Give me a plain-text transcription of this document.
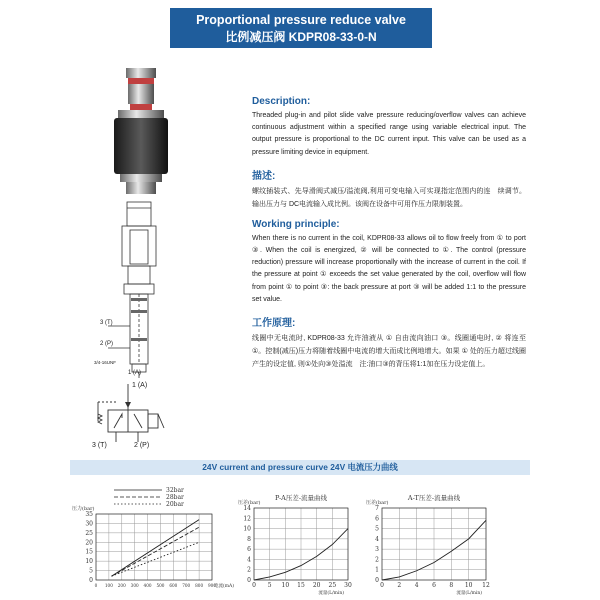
Proportional pressure reduce valve
比例减压阀 KDPR08-33-0-N
3 (T)
2 (P)
3/4-16UNF
1 (A)
1 (A)
3 (T)	2 (P)
Description:

Threaded plug-in and pilot slide valve pressure reducing/overflow valves can achieve continuous adjustment within a specified range using variable electrical input. The output pressure is proportional to the DC current input. This valve can be used as a pressure limiting device in equipment.

描述:

螺纹插装式、先导滑阀式减压/溢流阀,利用可变电输入可实现指定范围内的连　续调节。输出压力与 DC电流输入成比例。该阀在设备中可用作压力限制装置。

Working principle:

When there is no current in the coil, KDPR08-33 allows oil to flow freely from ① to port ③. When the coil is energized, ② will be connected to ①. The control (pressure reduction) pressure will increase proportionally with the increase of current in the coil. If the pressure at point ① exceeds the set value generated by the coil, overflow will flow from point ① to point ③: the back pressure at port ③ will be added 1:1 to the pressure set value.

工作原理:

线圈中无电流时, KDPR08-33 允许油液从 ① 自由流向油口 ③。线圈通电时, ② 将连至①。控制(减压)压力将随着线圈中电流的增大而成比例地增大。如果 ① 处的压力超过线圈产生的设定值, 则①处向③处溢流　注:油口③的背压将1:1加在压力设定值上。

24V current and pressure curve 24V 电流压力曲线
0 100 200 300 400 500 600 700 800 900
0
5
10
15
20
25
30
35
压力(bar)
电流(mA)
32bar
28bar
20bar
P-A压差-流量曲线
0 5 10 15 20 25 30
0
2
4
6
8
10
12
14
压差(bar)
流量(L/min)
A-T压差-流量曲线
0 2 4 6 8 10 12
0
1
2
3
4
5
6
7
压差(bar)
流量(L/min)
